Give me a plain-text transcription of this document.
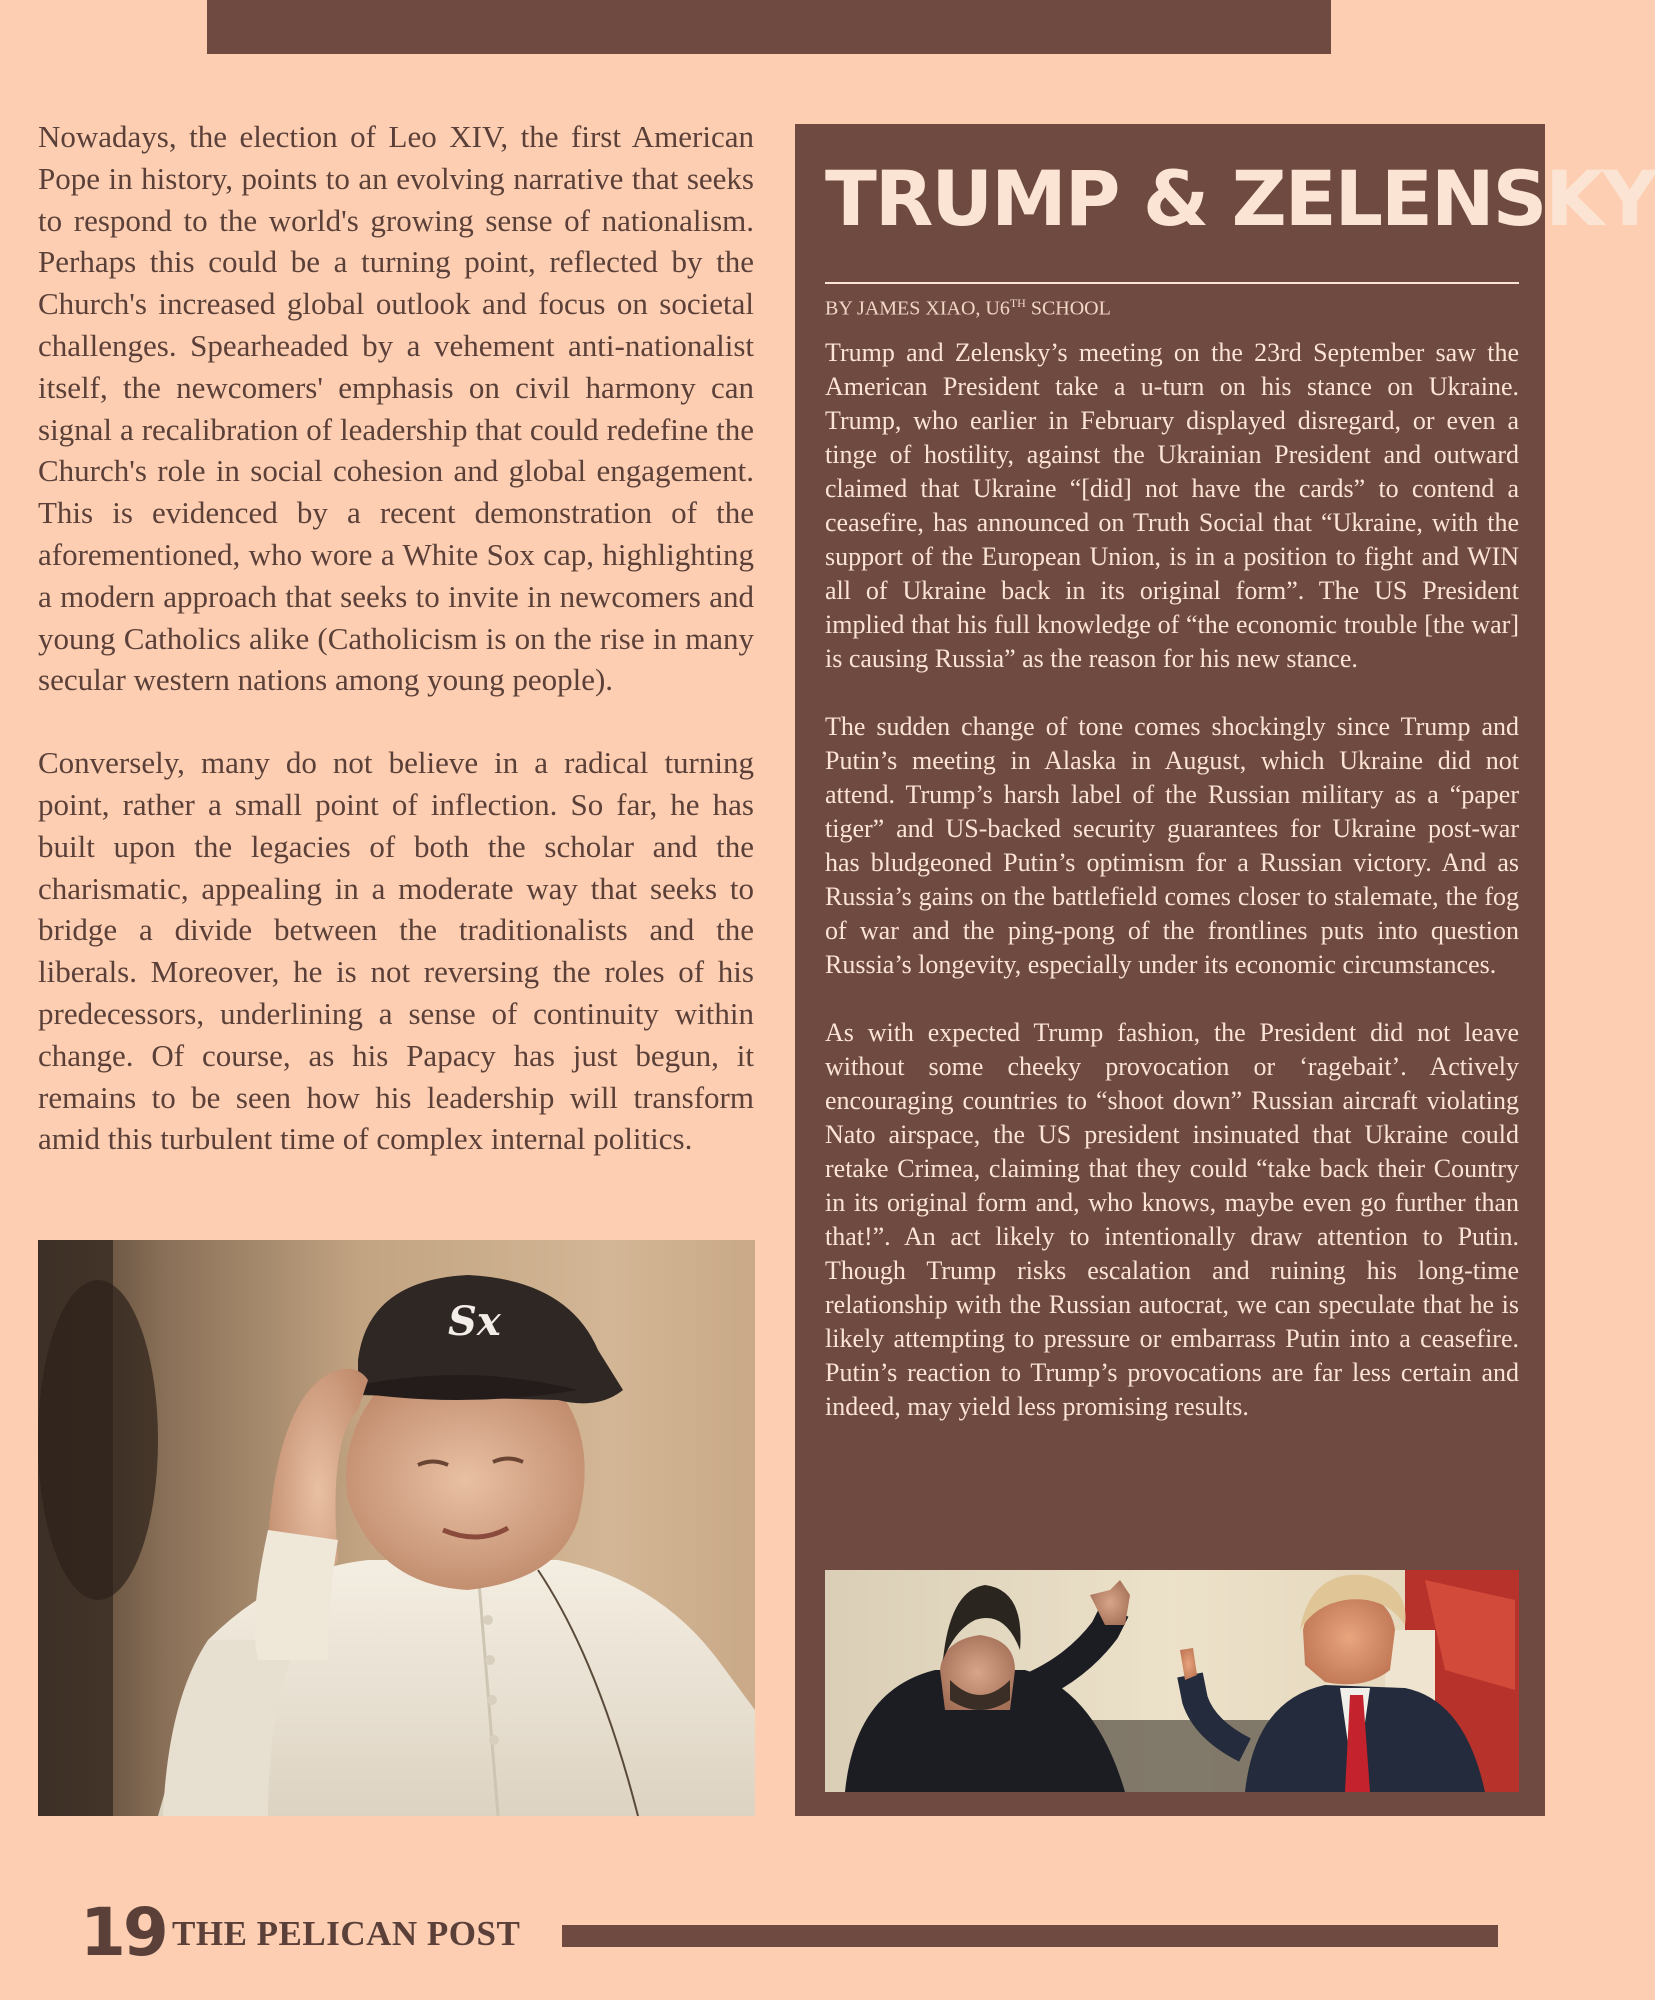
Nowadays, the election of Leo XIV, the first American Pope in history, points to an evolving narrative that seeks to respond to the world's growing sense of nationalism. Perhaps this could be a turning point, reflected by the Church's increased global outlook and focus on societal challenges. Spearheaded by a vehement anti-nationalist itself, the newcomers' emphasis on civil harmony can signal a recalibration of leadership that could redefine the Church's role in social cohesion and global engagement. This is evidenced by a recent demonstration of the aforementioned, who wore a White Sox cap, highlighting a modern approach that seeks to invite in newcomers and young Catholics alike (Catholicism is on the rise in many secular western nations among young people).

Conversely, many do not believe in a radical turning point, rather a small point of inflection. So far, he has built upon the legacies of both the scholar and the charismatic, appealing in a moderate way that seeks to bridge a divide between the traditionalists and the liberals. Moreover, he is not reversing the roles of his predecessors, underlining a sense of continuity within change. Of course, as his Papacy has just begun, it remains to be seen how his leadership will transform amid this turbulent time of complex internal politics.

Sx
TRUMP & ZELENSKY
BY JAMES XIAO, U6TH SCHOOL

Trump and Zelensky’s meeting on the 23rd September saw the American President take a u-turn on his stance on Ukraine. Trump, who earlier in February displayed disregard, or even a tinge of hostility, against the Ukrainian President and outward claimed that Ukraine “[did] not have the cards” to contend a ceasefire, has announced on Truth Social that “Ukraine, with the support of the European Union, is in a position to fight and WIN all of Ukraine back in its original form”. The US President implied that his full knowledge of “the economic trouble [the war] is causing Russia” as the reason for his new stance.

The sudden change of tone comes shockingly since Trump and Putin’s meeting in Alaska in August, which Ukraine did not attend. Trump’s harsh label of the Russian military as a “paper tiger” and US-backed security guarantees for Ukraine post-war has bludgeoned Putin’s optimism for a Russian victory. And as Russia’s gains on the battlefield comes closer to stalemate, the fog of war and the ping-pong of the frontlines puts into question Russia’s longevity, especially under its economic circumstances.

As with expected Trump fashion, the President did not leave without some cheeky provocation or ‘ragebait’. Actively encouraging countries to “shoot down” Russian aircraft violating Nato airspace, the US president insinuated that Ukraine could retake Crimea, claiming that they could “take back their Country in its original form and, who knows, maybe even go further than that!”. An act likely to intentionally draw attention to Putin. Though Trump risks escalation and ruining his long-time relationship with the Russian autocrat, we can speculate that he is likely attempting to pressure or embarrass Putin into a ceasefire. Putin’s reaction to Trump’s provocations are far less certain and indeed, may yield less promising results.

19 THE PELICAN POST
